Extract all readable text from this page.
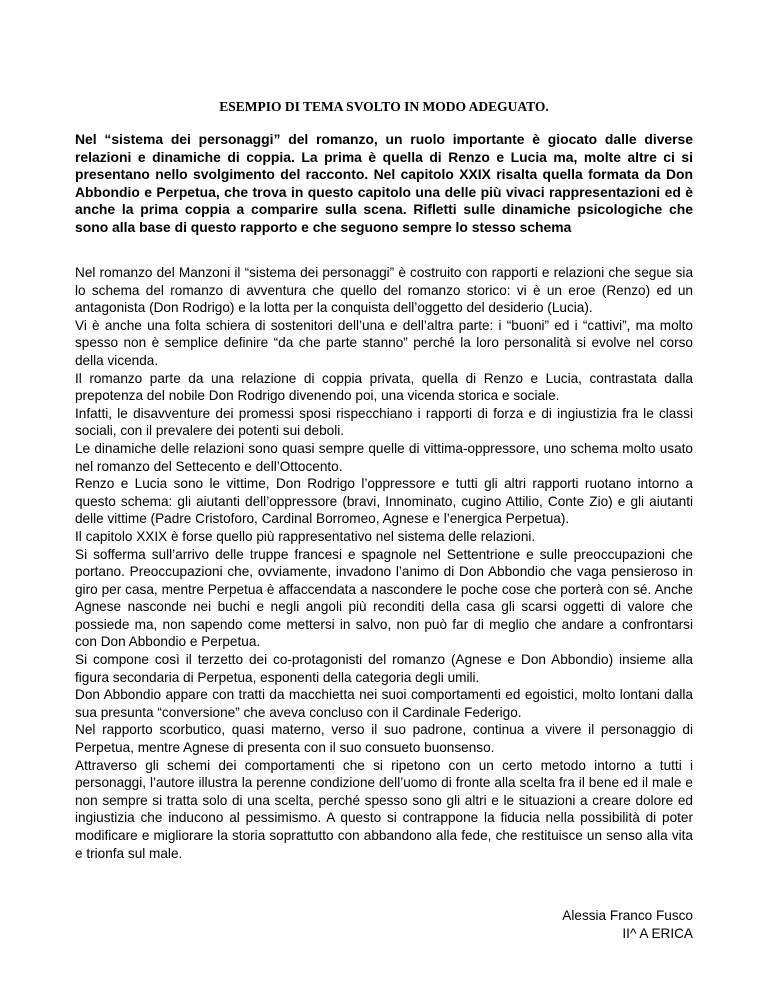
ESEMPIO DI TEMA SVOLTO IN MODO ADEGUATO.
Nel “sistema dei personaggi” del romanzo, un ruolo importante è giocato dalle diverse relazioni e dinamiche di coppia. La prima è quella di Renzo e Lucia ma, molte altre ci si presentano nello svolgimento del racconto. Nel capitolo XXIX risalta quella formata da Don Abbondio e Perpetua, che trova in questo capitolo una delle più vivaci rappresentazioni ed è anche la prima coppia a comparire sulla scena. Rifletti sulle dinamiche psicologiche che sono alla base di questo rapporto e che seguono sempre lo stesso schema

Nel romanzo del Manzoni il “sistema dei personaggi” è costruito con rapporti e relazioni che segue sia lo schema del romanzo di avventura che quello del romanzo storico: vi è un eroe (Renzo) ed un antagonista (Don Rodrigo) e la lotta per la conquista dell’oggetto del desiderio (Lucia).

Vi è anche una folta schiera di sostenitori dell’una e dell’altra parte: i “buoni” ed i “cattivi”, ma molto spesso non è semplice definire “da che parte stanno” perché la loro personalità si evolve nel corso della vicenda.

Il romanzo parte da una relazione di coppia privata, quella di Renzo e Lucia, contrastata dalla prepotenza del nobile Don Rodrigo divenendo poi, una vicenda storica e sociale.

Infatti, le disavventure dei promessi sposi rispecchiano i rapporti di forza e di ingiustizia fra le classi sociali, con il prevalere dei potenti sui deboli.

Le dinamiche delle relazioni sono quasi sempre quelle di vittima-oppressore, uno schema molto usato nel romanzo del Settecento e dell’Ottocento.

Renzo e Lucia sono le vittime, Don Rodrigo l’oppressore e tutti gli altri rapporti ruotano intorno a questo schema: gli aiutanti dell’oppressore (bravi, Innominato, cugino Attilio, Conte Zio) e gli aiutanti delle vittime (Padre Cristoforo, Cardinal Borromeo, Agnese e l’energica Perpetua).

Il capitolo XXIX è forse quello più rappresentativo nel sistema delle relazioni.

Si sofferma sull’arrivo delle truppe francesi e spagnole nel Settentrione e sulle preoccupazioni che portano. Preoccupazioni che, ovviamente, invadono l’animo di Don Abbondio che vaga pensieroso in giro per casa, mentre Perpetua è affaccendata a nascondere le poche cose che porterà con sé. Anche Agnese nasconde nei buchi e negli angoli più reconditi della casa gli scarsi oggetti di valore che possiede ma, non sapendo come mettersi in salvo, non può far di meglio che andare a confrontarsi con Don Abbondio e Perpetua.

Si compone così il terzetto dei co-protagonisti del romanzo (Agnese e Don Abbondio) insieme alla figura secondaria di Perpetua, esponenti della categoria degli umili.

Don Abbondio appare con tratti da macchietta nei suoi comportamenti ed egoistici, molto lontani dalla sua presunta “conversione” che aveva concluso con il Cardinale Federigo.

Nel rapporto scorbutico, quasi materno, verso il suo padrone, continua a vivere il personaggio di Perpetua, mentre Agnese di presenta con il suo consueto buonsenso.

Attraverso gli schemi dei comportamenti che si ripetono con un certo metodo intorno a tutti i personaggi, l’autore illustra la perenne condizione dell’uomo di fronte alla scelta fra il bene ed il male e non sempre si tratta solo di una scelta, perché spesso sono gli altri e le situazioni a creare dolore ed ingiustizia che inducono al pessimismo. A questo si contrappone la fiducia nella possibilità di poter modificare e migliorare la storia soprattutto con abbandono alla fede, che restituisce un senso alla vita e trionfa sul male.

Alessia Franco Fusco
II^ A ERICA
